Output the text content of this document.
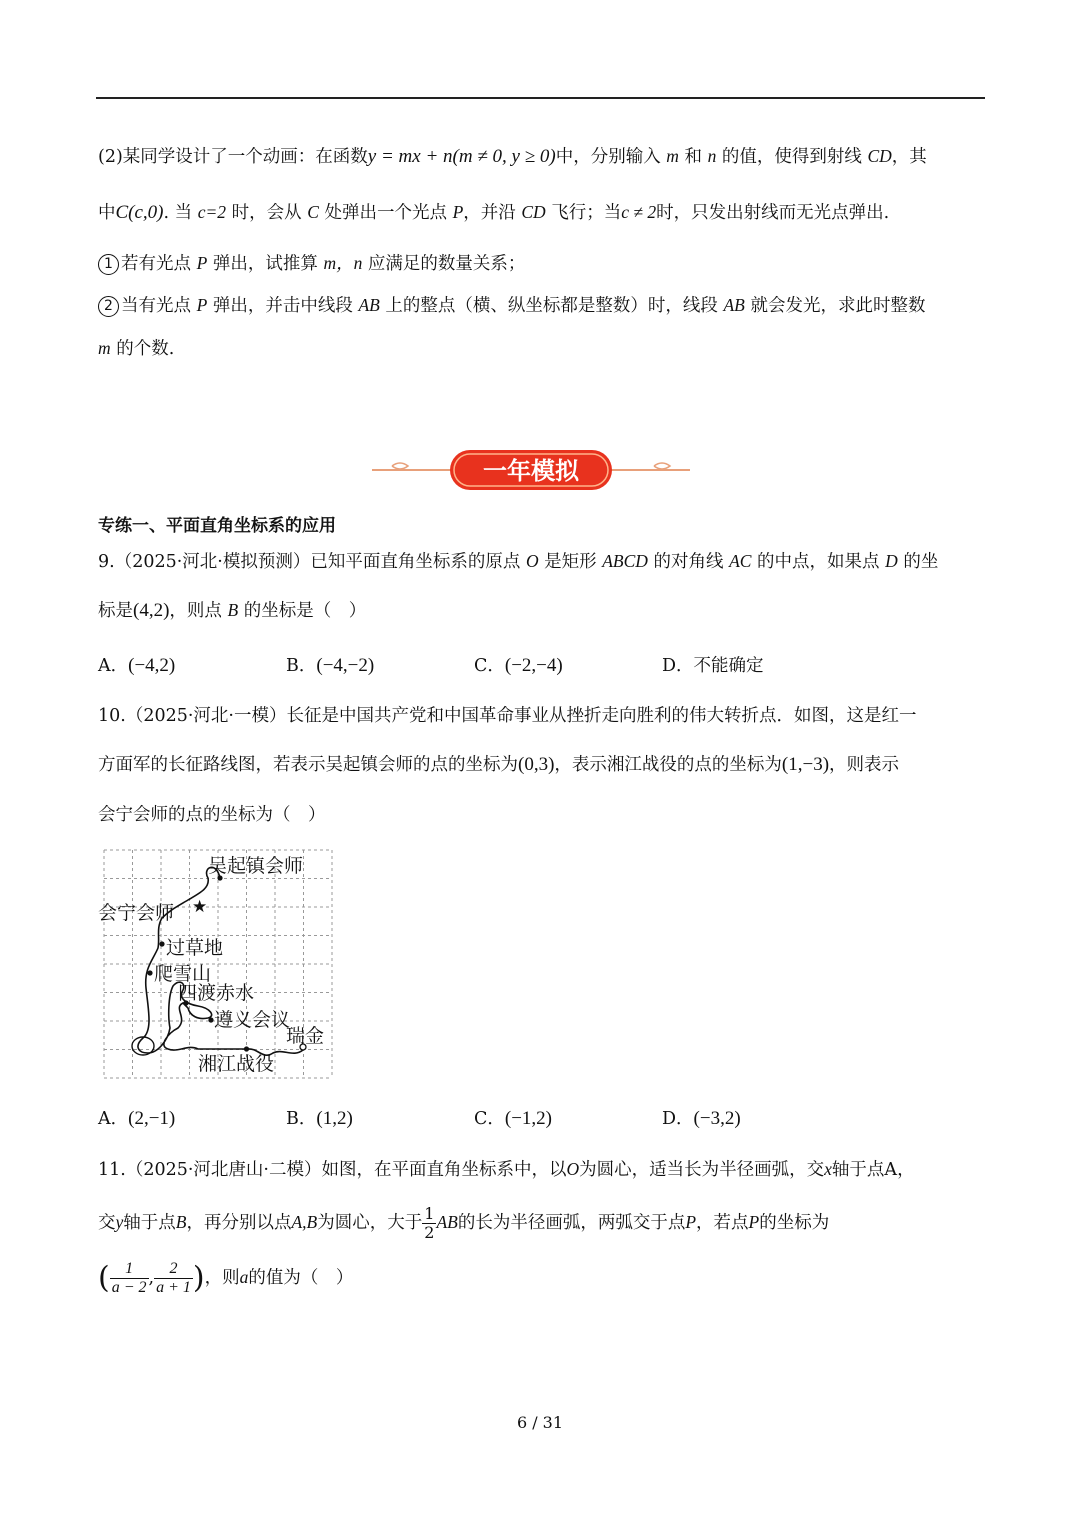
(2)某同学设计了一个动画：在函数y = mx + n(m ≠ 0, y ≥ 0)中，分别输入 m 和 n 的值，使得到射线 CD，其
中C(c,0). 当 c=2 时，会从 C 处弹出一个光点 P，并沿 CD 飞行；当c ≠ 2时，只发出射线而无光点弹出.
1 若有光点 P 弹出，试推算 m，n 应满足的数量关系；
2 当有光点 P 弹出，并击中线段 AB 上的整点（横、纵坐标都是整数）时，线段 AB 就会发光，求此时整数
m 的个数.
一年模拟
专练一、平面直角坐标系的应用
9.（2025·河北·模拟预测）已知平面直角坐标系的原点 O 是矩形 ABCD 的对角线 AC 的中点，如果点 D 的坐
标是(4,2)，则点 B 的坐标是（　）
A．(−4,2)	B．(−4,−2)	C．(−2,−4)	D．不能确定
10.（2025·河北·一模）长征是中国共产党和中国革命事业从挫折走向胜利的伟大转折点．如图，这是红一
方面军的长征路线图，若表示吴起镇会师的点的坐标为(0,3)，表示湘江战役的点的坐标为(1,−3)，则表示
会宁会师的点的坐标为（　）
★
吴起镇会师
会宁会师
过草地
爬雪山
四渡赤水
遵义会议
瑞金
湘江战役
A．(2,−1)	B．(1,2)	C．(−1,2)	D．(−3,2)
11.（2025·河北唐山·二模）如图，在平面直角坐标系中，以O为圆心，适当长为半径画弧，交x轴于点A，
交y轴于点B，再分别以点A,B为圆心，大于 $\frac{1}{2}$ AB的长为半径画弧，两弧交于点P，若点P的坐标为
( $\frac{1}{a - 2}$ , $\frac{2}{a + 1}$ )，则a的值为（　）
6 / 31
